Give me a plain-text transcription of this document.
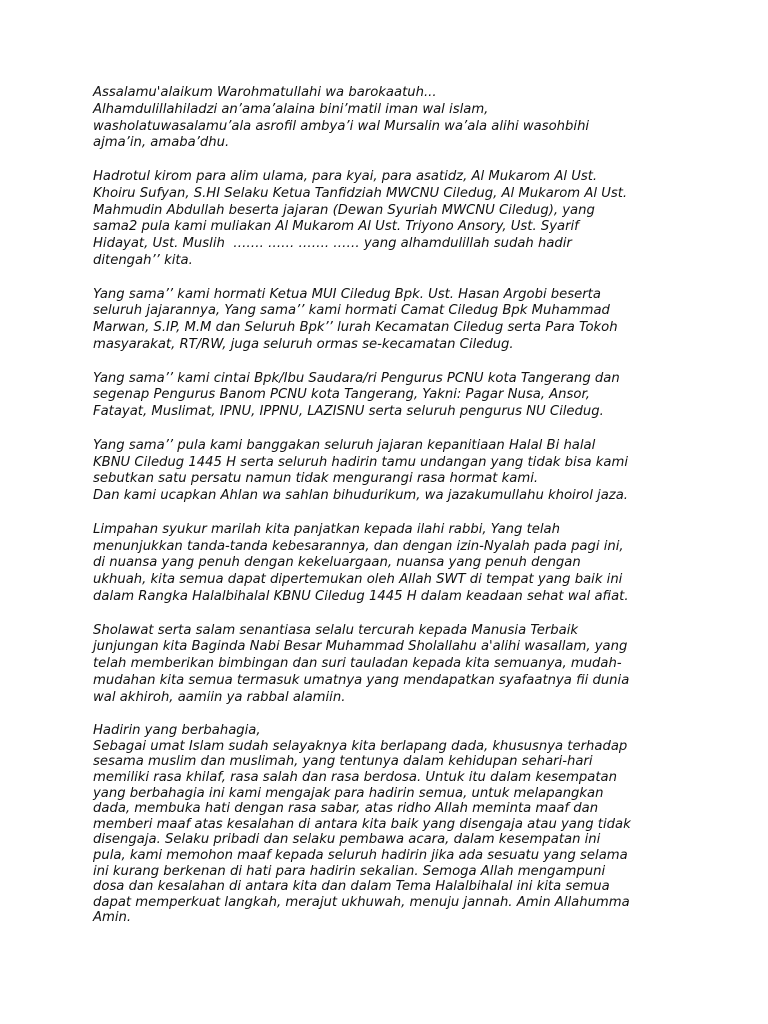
Assalamu'alaikum Warohmatullahi wa barokaatuh...
Alhamdulillahiladzi an’ama’alaina bini’matil iman wal islam,
washolatuwasalamu’ala asrofil ambya’i wal Mursalin wa’ala alihi wasohbihi
ajma’in, amaba’dhu.
Hadrotul kirom para alim ulama, para kyai, para asatidz, Al Mukarom Al Ust.
Khoiru Sufyan, S.HI Selaku Ketua Tanfidziah MWCNU Ciledug, Al Mukarom Al Ust.
Mahmudin Abdullah beserta jajaran (Dewan Syuriah MWCNU Ciledug), yang
sama2 pula kami muliakan Al Mukarom Al Ust. Triyono Ansory, Ust. Syarif
Hidayat, Ust. Muslih  ……. …… ……. …… yang alhamdulillah sudah hadir
ditengah’’ kita.
Yang sama’’ kami hormati Ketua MUI Ciledug Bpk. Ust. Hasan Argobi beserta
seluruh jajarannya, Yang sama’’ kami hormati Camat Ciledug Bpk Muhammad
Marwan, S.IP, M.M dan Seluruh Bpk’’ lurah Kecamatan Ciledug serta Para Tokoh
masyarakat, RT/RW, juga seluruh ormas se-kecamatan Ciledug.
Yang sama’’ kami cintai Bpk/Ibu Saudara/ri Pengurus PCNU kota Tangerang dan
segenap Pengurus Banom PCNU kota Tangerang, Yakni: Pagar Nusa, Ansor,
Fatayat, Muslimat, IPNU, IPPNU, LAZISNU serta seluruh pengurus NU Ciledug.
Yang sama’’ pula kami banggakan seluruh jajaran kepanitiaan Halal Bi halal
KBNU Ciledug 1445 H serta seluruh hadirin tamu undangan yang tidak bisa kami
sebutkan satu persatu namun tidak mengurangi rasa hormat kami.
Dan kami ucapkan Ahlan wa sahlan bihudurikum, wa jazakumullahu khoirol jaza.
Limpahan syukur marilah kita panjatkan kepada ilahi rabbi, Yang telah
menunjukkan tanda-tanda kebesarannya, dan dengan izin-Nyalah pada pagi ini,
di nuansa yang penuh dengan kekeluargaan, nuansa yang penuh dengan
ukhuah, kita semua dapat dipertemukan oleh Allah SWT di tempat yang baik ini
dalam Rangka Halalbihalal KBNU Ciledug 1445 H dalam keadaan sehat wal afiat.
Sholawat serta salam senantiasa selalu tercurah kepada Manusia Terbaik
junjungan kita Baginda Nabi Besar Muhammad Sholallahu a'alihi wasallam, yang
telah memberikan bimbingan dan suri tauladan kepada kita semuanya, mudah-
mudahan kita semua termasuk umatnya yang mendapatkan syafaatnya fii dunia
wal akhiroh, aamiin ya rabbal alamiin.
Hadirin yang berbahagia,
Sebagai umat Islam sudah selayaknya kita berlapang dada, khususnya terhadap
sesama muslim dan muslimah, yang tentunya dalam kehidupan sehari-hari
memiliki rasa khilaf, rasa salah dan rasa berdosa. Untuk itu dalam kesempatan
yang berbahagia ini kami mengajak para hadirin semua, untuk melapangkan
dada, membuka hati dengan rasa sabar, atas ridho Allah meminta maaf dan
memberi maaf atas kesalahan di antara kita baik yang disengaja atau yang tidak
disengaja. Selaku pribadi dan selaku pembawa acara, dalam kesempatan ini
pula, kami memohon maaf kepada seluruh hadirin jika ada sesuatu yang selama
ini kurang berkenan di hati para hadirin sekalian. Semoga Allah mengampuni
dosa dan kesalahan di antara kita dan dalam Tema Halalbihalal ini kita semua
dapat memperkuat langkah, merajut ukhuwah, menuju jannah. Amin Allahumma
Amin.
